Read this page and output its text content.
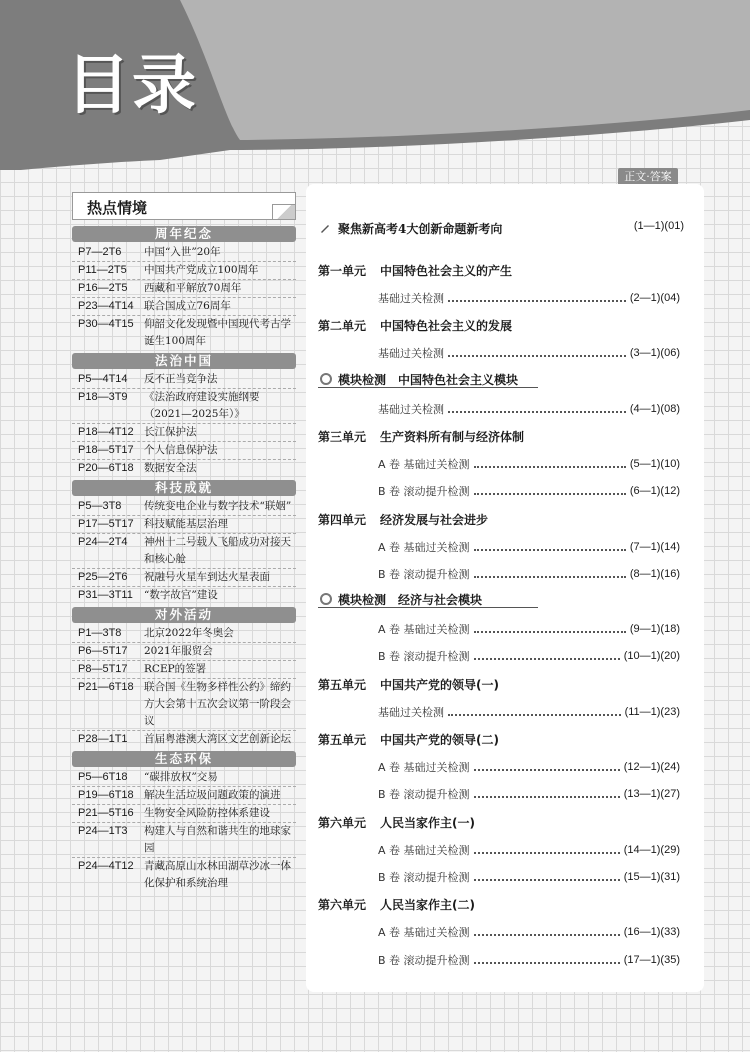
目录
正文·答案
热点情境
周年纪念
P7—2T6	中国“入世”20年
P11—2T5	中国共产党成立100周年
P16—2T5	西藏和平解放70周年
P23—4T14 联合国成立76周年
P30—4T15 仰韶文化发现暨中国现代考古学诞生100周年
法治中国
P5—4T14	反不正当竞争法
P18—3T9	《法治政府建设实施纲要（2021—2025年）》
P18—4T12 长江保护法
P18—5T17 个人信息保护法
P20—6T18 数据安全法
科技成就
P5—3T8	传统变电企业与数字技术“联姻”
P17—5T17 科技赋能基层治理
P24—2T4	神州十二号载人飞船成功对接天和核心舱
P25—2T6	祝融号火星车到达火星表面
P31—3T11	“数字故宫”建设
对外活动
P1—3T8	北京2022年冬奥会
P6—5T17	2021年服贸会
P8—5T17	RCEP的签署
P21—6T18 联合国《生物多样性公约》缔约方大会第十五次会议第一阶段会议
P28—1T1	首届粤港澳大湾区文艺创新论坛
生态环保
P5—6T18	“碳排放权”交易
P19—6T18 解决生活垃圾问题政策的演进
P21—5T16 生物安全风险防控体系建设
P24—1T3	构建人与自然和谐共生的地球家园
P24—4T12 青藏高原山水林田湖草沙冰一体化保护和系统治理
聚焦新高考4大创新命题新考向	(1—1)(01)
第一单元 中国特色社会主义的产生
基础过关检测	(2—1)(04)
第二单元 中国特色社会主义的发展
基础过关检测	(3—1)(06)
模块检测　中国特色社会主义模块
基础过关检测	(4—1)(08)
第三单元 生产资料所有制与经济体制
A 卷 基础过关检测	(5—1)(10)
B 卷 滚动提升检测	(6—1)(12)
第四单元 经济发展与社会进步
A 卷 基础过关检测	(7—1)(14)
B 卷 滚动提升检测	(8—1)(16)
模块检测　经济与社会模块
A 卷 基础过关检测	(9—1)(18)
B 卷 滚动提升检测	(10—1)(20)
第五单元 中国共产党的领导(一)
基础过关检测	(11—1)(23)
第五单元 中国共产党的领导(二)
A 卷 基础过关检测	(12—1)(24)
B 卷 滚动提升检测	(13—1)(27)
第六单元 人民当家作主(一)
A 卷 基础过关检测	(14—1)(29)
B 卷 滚动提升检测	(15—1)(31)
第六单元 人民当家作主(二)
A 卷 基础过关检测	(16—1)(33)
B 卷 滚动提升检测	(17—1)(35)
